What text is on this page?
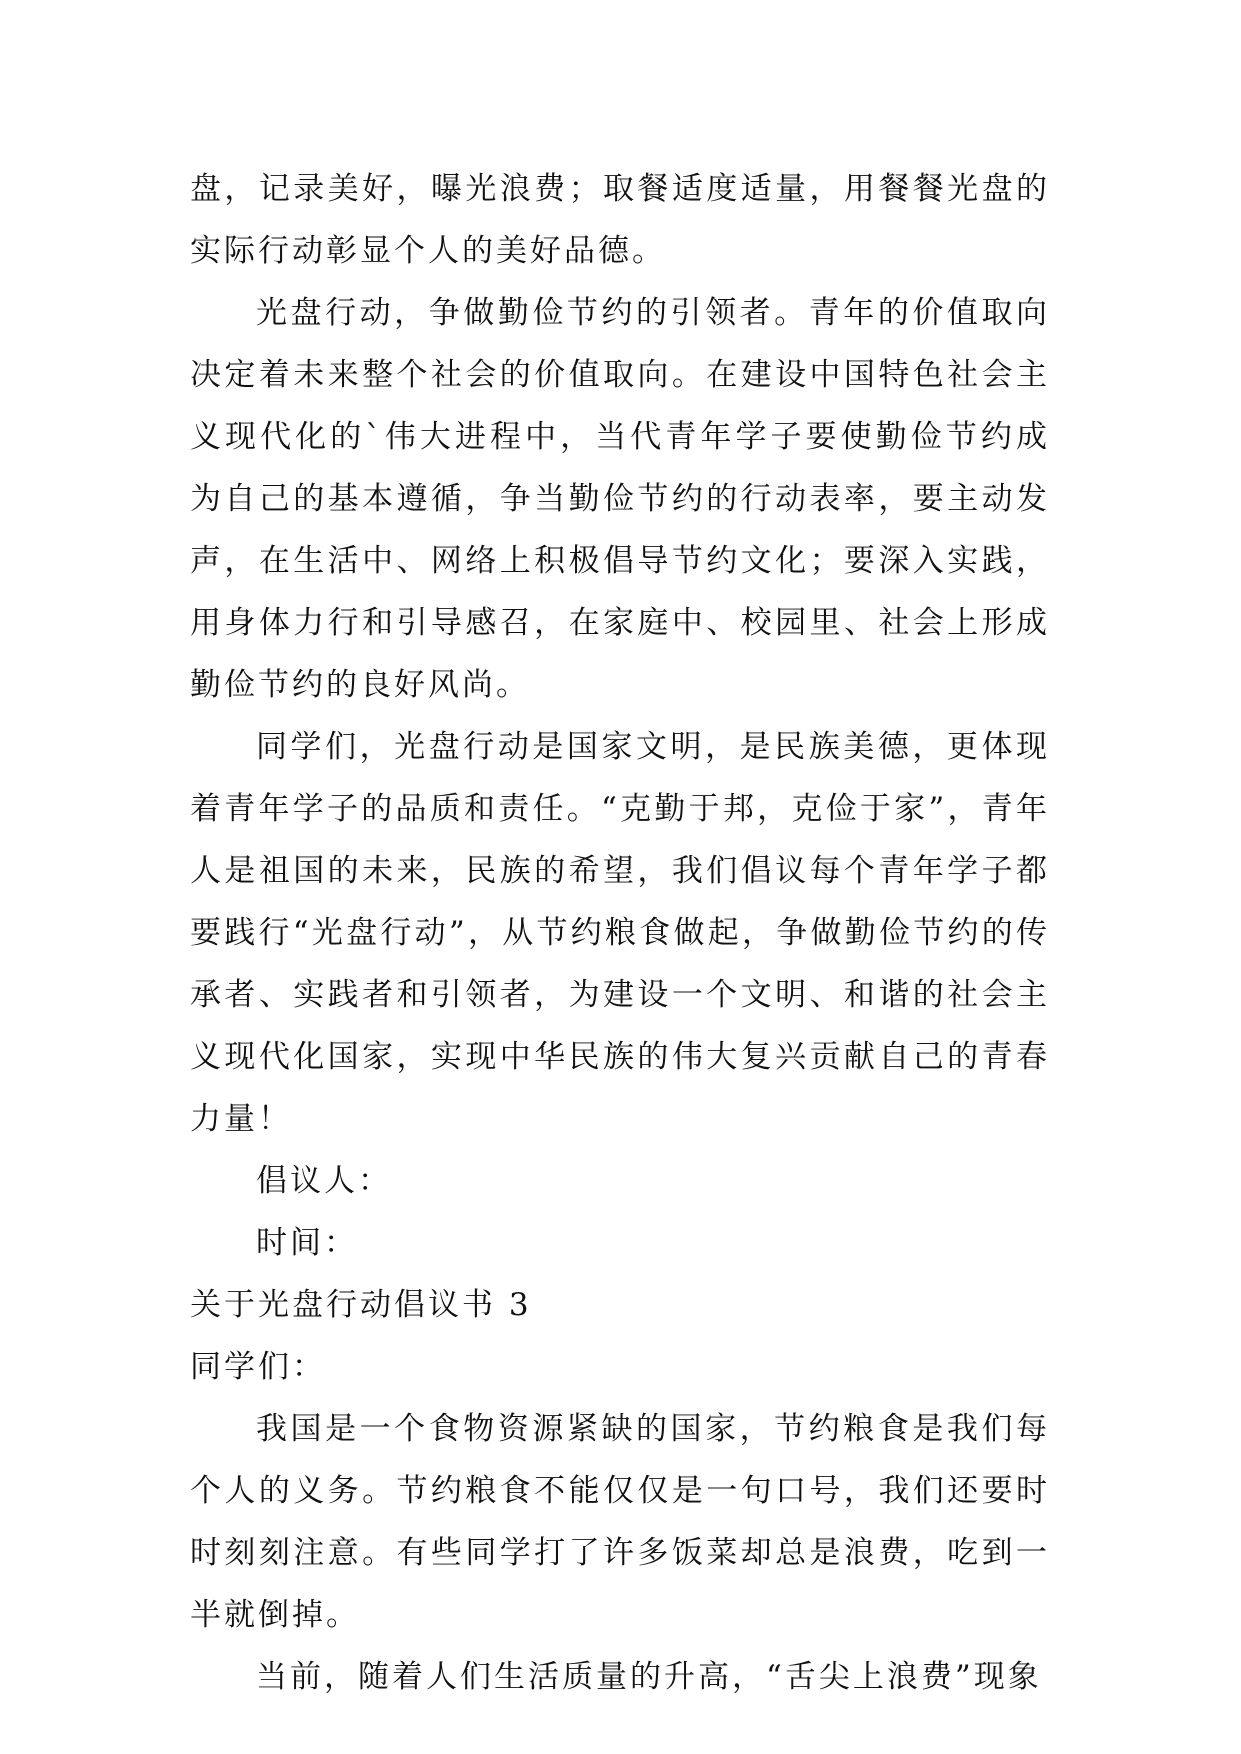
盘，记录美好，曝光浪费；取餐适度适量，用餐餐光盘的实际行动彰显个人的美好品德。

光盘行动，争做勤俭节约的引领者。青年的价值取向决定着未来整个社会的价值取向。在建设中国特色社会主义现代化的`伟大进程中，当代青年学子要使勤俭节约成为自己的基本遵循，争当勤俭节约的行动表率，要主动发声，在生活中、网络上积极倡导节约文化；要深入实践，用身体力行和引导感召，在家庭中、校园里、社会上形成勤俭节约的良好风尚。

同学们，光盘行动是国家文明，是民族美德，更体现着青年学子的品质和责任。“克勤于邦，克俭于家”，青年人是祖国的未来，民族的希望，我们倡议每个青年学子都要践行“光盘行动”，从节约粮食做起，争做勤俭节约的传承者、实践者和引领者，为建设一个文明、和谐的社会主义现代化国家，实现中华民族的伟大复兴贡献自己的青春力量！

倡议人：

时间：

关于光盘行动倡议书 3

同学们：

我国是一个食物资源紧缺的国家，节约粮食是我们每个人的义务。节约粮食不能仅仅是一句口号，我们还要时时刻刻注意。有些同学打了许多饭菜却总是浪费，吃到一半就倒掉。

当前，随着人们生活质量的升高，“舌尖上浪费”现象
